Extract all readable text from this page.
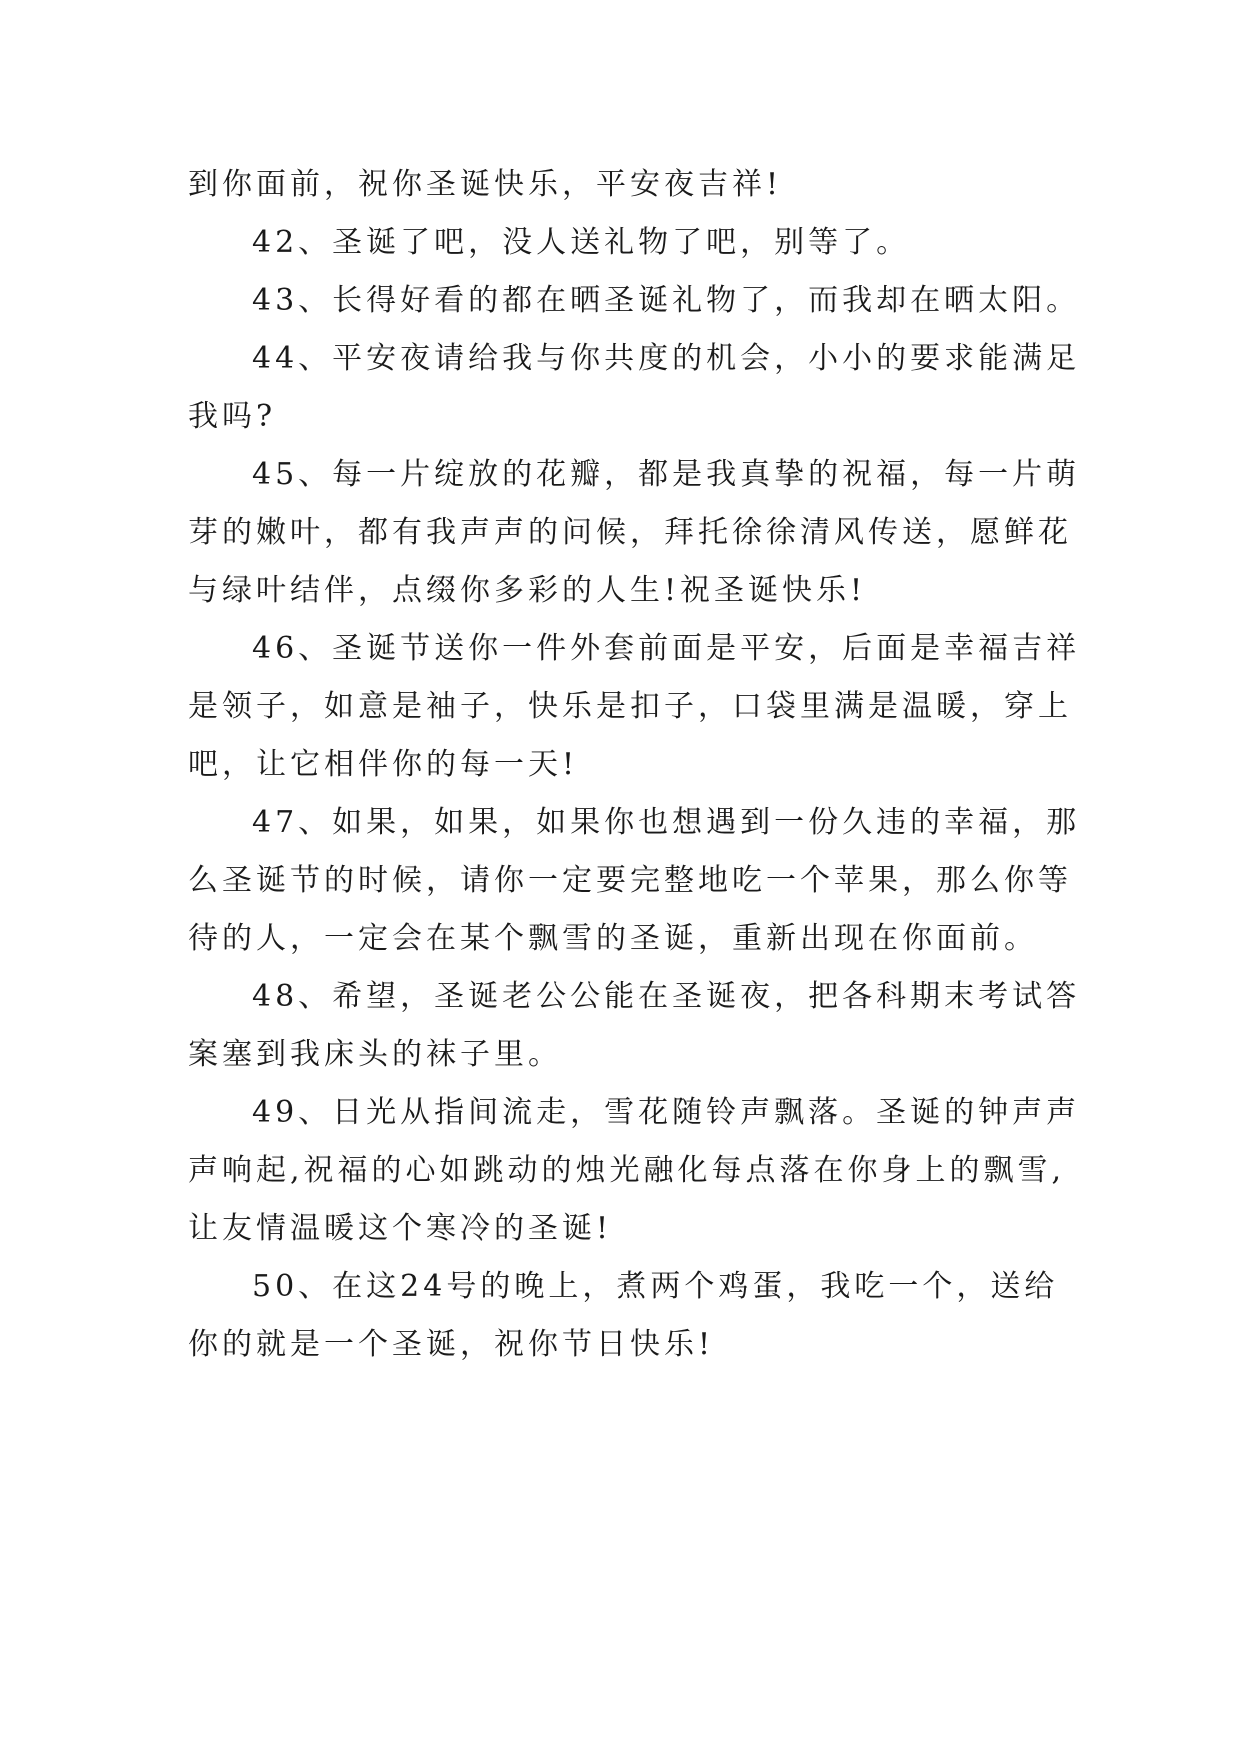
到你面前，祝你圣诞快乐，平安夜吉祥!
42、圣诞了吧，没人送礼物了吧，别等了。
43、长得好看的都在晒圣诞礼物了，而我却在晒太阳。
44、平安夜请给我与你共度的机会，小小的要求能满足
我吗?
45、每一片绽放的花瓣，都是我真挚的祝福，每一片萌
芽的嫩叶，都有我声声的问候，拜托徐徐清风传送，愿鲜花
与绿叶结伴，点缀你多彩的人生!祝圣诞快乐!
46、圣诞节送你一件外套前面是平安，后面是幸福吉祥
是领子，如意是袖子，快乐是扣子，口袋里满是温暖，穿上
吧，让它相伴你的每一天!
47、如果，如果，如果你也想遇到一份久违的幸福，那
么圣诞节的时候，请你一定要完整地吃一个苹果，那么你等
待的人，一定会在某个飘雪的圣诞，重新出现在你面前。
48、希望，圣诞老公公能在圣诞夜，把各科期末考试答
案塞到我床头的袜子里。
49、日光从指间流走，雪花随铃声飘落。圣诞的钟声声
声响起,祝福的心如跳动的烛光融化每点落在你身上的飘雪,
让友情温暖这个寒冷的圣诞!
50、在这24号的晚上，煮两个鸡蛋，我吃一个，送给
你的就是一个圣诞，祝你节日快乐!
